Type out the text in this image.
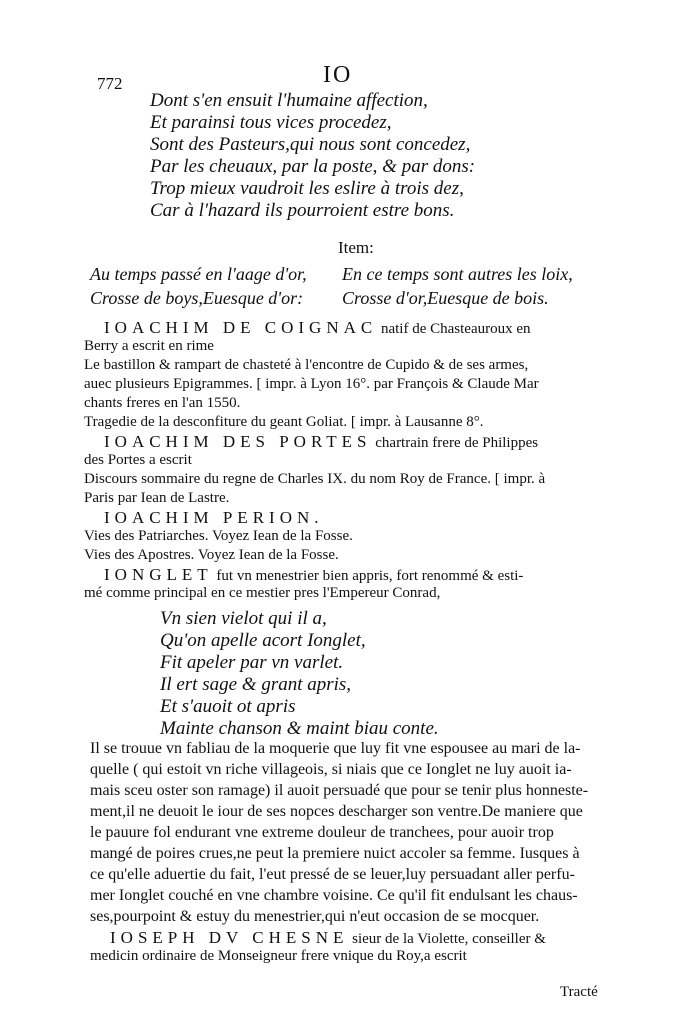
772	IO
Dont s'en ensuit l'humaine affection,
Et parainsi tous vices procedez,
Sont des Pasteurs,qui nous sont concedez,
Par les cheuaux, par la poste, & par dons:
Trop mieux vaudroit les eslire à trois dez,
Car à l'hazard ils pourroient estre bons.
Item:
Au temps passé en l'aage d'or,
Crosse de boys,Euesque d'or:
En ce temps sont autres les loix,
Crosse d'or,Euesque de bois.
IOACHIM DE COIGNAC natif de Chasteauroux en
Berry a escrit en rime
Le bastillon & rampart de chasteté à l'encontre de Cupido & de ses armes,
auec plusieurs Epigrammes. [ impr. à Lyon 16°. par François & Claude Mar
chants freres en l'an 1550.
Tragedie de la desconfiture du geant Goliat. [ impr. à Lausanne 8°.
IOACHIM DES PORTES chartrain frere de Philippes
des Portes a escrit
Discours sommaire du regne de Charles IX. du nom Roy de France. [ impr. à
Paris par Iean de Lastre.
IOACHIM PERION.
Vies des Patriarches. Voyez Iean de la Fosse.
Vies des Apostres. Voyez Iean de la Fosse.
IONGLET fut vn menestrier bien appris, fort renommé & esti-
mé comme principal en ce mestier pres l'Empereur Conrad,
Vn sien vielot qui il a,
Qu'on apelle acort Ionglet,
Fit apeler par vn varlet.
Il ert sage & grant apris,
Et s'auoit ot apris
Mainte chanson & maint biau conte.
Il se trouue vn fabliau de la moquerie que luy fit vne espousee au mari de la-
quelle ( qui estoit vn riche villageois, si niais que ce Ionglet ne luy auoit ia-
mais sceu oster son ramage) il auoit persuadé que pour se tenir plus honneste-
ment,il ne deuoit le iour de ses nopces descharger son ventre.De maniere que
le pauure fol endurant vne extreme douleur de tranchees, pour auoir trop
mangé de poires crues,ne peut la premiere nuict accoler sa femme. Iusques à
ce qu'elle aduertie du fait, l'eut pressé de se leuer,luy persuadant aller perfu-
mer Ionglet couché en vne chambre voisine. Ce qu'il fit endulsant les chaus-
ses,pourpoint & estuy du menestrier,qui n'eut occasion de se mocquer.
IOSEPH DV CHESNE sieur de la Violette, conseiller &
medicin ordinaire de Monseigneur frere vnique du Roy,a escrit
Tracté
